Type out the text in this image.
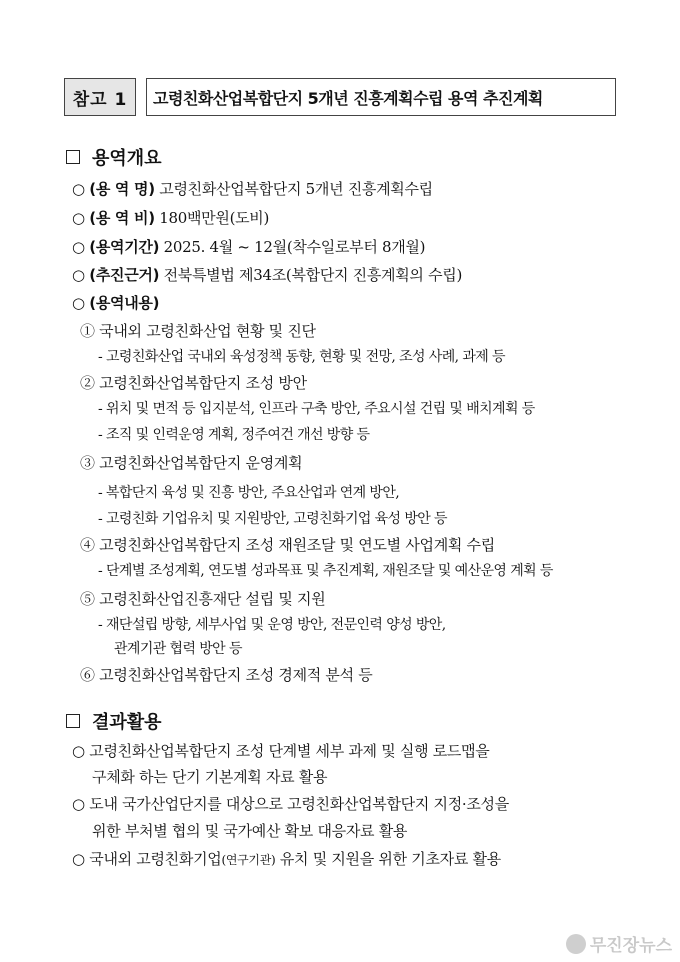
참고 1	고령친화산업복합단지 5개년 진흥계획수립 용역 추진계획
용역개요
○ (용 역 명) 고령친화산업복합단지 5개년 진흥계획수립
○ (용 역 비) 180백만원(도비)
○ (용역기간) 2025. 4월 ~ 12월(착수일로부터 8개월)
○ (추진근거) 전북특별법 제34조(복합단지 진흥계획의 수립)
○ (용역내용)
① 국내외 고령친화산업 현황 및 진단
- 고령친화산업 국내외 육성정책 동향, 현황 및 전망, 조성 사례, 과제 등
② 고령친화산업복합단지 조성 방안
- 위치 및 면적 등 입지분석, 인프라 구축 방안, 주요시설 건립 및 배치계획 등
- 조직 및 인력운영 계획, 정주여건 개선 방향 등
③ 고령친화산업복합단지 운영계획
- 복합단지 육성 및 진흥 방안, 주요산업과 연계 방안,
- 고령친화 기업유치 및 지원방안, 고령친화기업 육성 방안 등
④ 고령친화산업복합단지 조성 재원조달 및 연도별 사업계획 수립
- 단계별 조성계획, 연도별 성과목표 및 추진계획, 재원조달 및 예산운영 계획 등
⑤ 고령친화산업진흥재단 설립 및 지원
- 재단설립 방향, 세부사업 및 운영 방안, 전문인력 양성 방안,
관계기관 협력 방안 등
⑥ 고령친화산업복합단지 조성 경제적 분석 등
결과활용
○ 고령친화산업복합단지 조성 단계별 세부 과제 및 실행 로드맵을
구체화 하는 단기 기본계획 자료 활용
○ 도내 국가산업단지를 대상으로 고령친화산업복합단지 지정·조성을
위한 부처별 협의 및 국가예산 확보 대응자료 활용
○ 국내외 고령친화기업(연구기관) 유치 및 지원을 위한 기초자료 활용
무진장뉴스
